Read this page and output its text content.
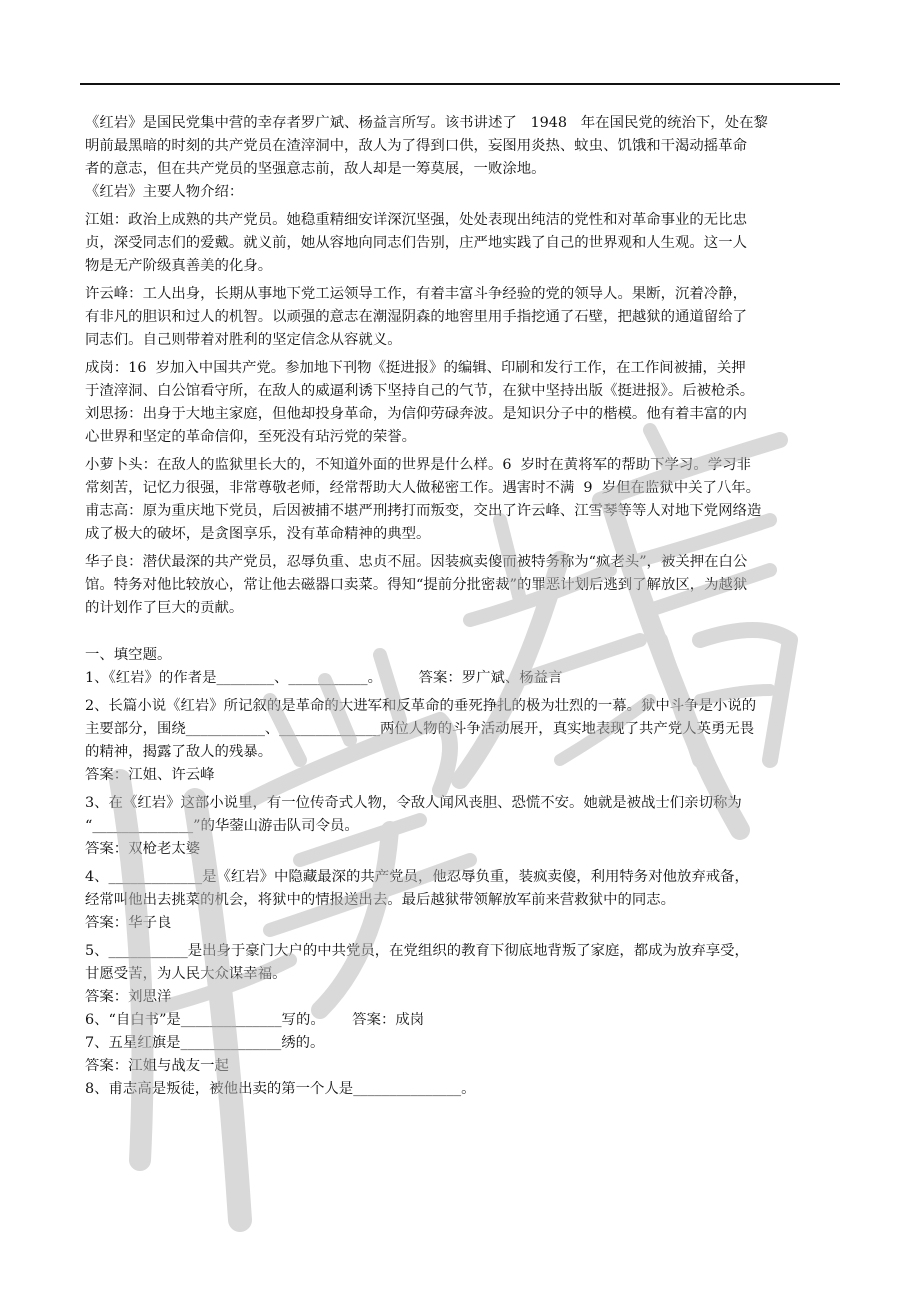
《红岩》是国民党集中营的幸存者罗广斌、杨益言所写。该书讲述了   1948   年在国民党的统治下，处在黎

明前最黑暗的时刻的共产党员在渣滓洞中，敌人为了得到口供，妄图用炎热、蚊虫、饥饿和干渴动摇革命

者的意志，但在共产党员的坚强意志前，敌人却是一筹莫展，一败涂地。

《红岩》主要人物介绍：

江姐：政治上成熟的共产党员。她稳重精细安详深沉坚强，处处表现出纯洁的党性和对革命事业的无比忠

贞，深受同志们的爱戴。就义前，她从容地向同志们告别，庄严地实践了自己的世界观和人生观。这一人

物是无产阶级真善美的化身。

许云峰：工人出身，长期从事地下党工运领导工作，有着丰富斗争经验的党的领导人。果断，沉着冷静，

有非凡的胆识和过人的机智。以顽强的意志在潮湿阴森的地窖里用手指挖通了石壁，把越狱的通道留给了

同志们。自己则带着对胜利的坚定信念从容就义。

成岗：16  岁加入中国共产党。参加地下刊物《挺进报》的编辑、印刷和发行工作，在工作间被捕，关押

于渣滓洞、白公馆看守所，在敌人的威逼利诱下坚持自己的气节，在狱中坚持出版《挺进报》。后被枪杀。

刘思扬：出身于大地主家庭，但他却投身革命，为信仰劳碌奔波。是知识分子中的楷模。他有着丰富的内

心世界和坚定的革命信仰，至死没有玷污党的荣誉。

小萝卜头：在敌人的监狱里长大的，不知道外面的世界是什么样。6  岁时在黄将军的帮助下学习。学习非

常刻苦，记忆力很强，非常尊敬老师，经常帮助大人做秘密工作。遇害时不满  9  岁但在监狱中关了八年。

甫志高：原为重庆地下党员，后因被捕不堪严刑拷打而叛变，交出了许云峰、江雪琴等等人对地下党网络造

成了极大的破坏，是贪图享乐，没有革命精神的典型。

华子良：潜伏最深的共产党员，忍辱负重、忠贞不屈。因装疯卖傻而被特务称为“疯老头”，被关押在白公

馆。特务对他比较放心，常让他去磁器口卖菜。得知“提前分批密裁”的罪恶计划后逃到了解放区，为越狱

的计划作了巨大的贡献。

一、填空题。

1、《红岩》的作者是________、___________。        答案：罗广斌、杨益言

2、长篇小说《红岩》所记叙的是革命的大进军和反革命的垂死挣扎的极为壮烈的一幕。狱中斗争是小说的

主要部分，围绕___________、______________两位人物的斗争活动展开，真实地表现了共产党人英勇无畏

的精神，揭露了敌人的残暴。

答案：江姐、许云峰

3、在《红岩》这部小说里，有一位传奇式人物，令敌人闻风丧胆、恐慌不安。她就是被战士们亲切称为

“______________”的华蓥山游击队司令员。

答案：双枪老太婆

4、_____________是《红岩》中隐藏最深的共产党员，他忍辱负重，装疯卖傻，利用特务对他放弃戒备，

经常叫他出去挑菜的机会，将狱中的情报送出去。最后越狱带领解放军前来营救狱中的同志。

答案：华子良

5、___________是出身于豪门大户的中共党员，在党组织的教育下彻底地背叛了家庭，都成为放弃享受，

甘愿受苦，为人民大众谋幸福。

答案：刘思洋

6、“自白书”是______________写的。      答案：成岗

7、五星红旗是______________绣的。

答案：江姐与战友一起

8、甫志高是叛徒，被他出卖的第一个人是_______________。
